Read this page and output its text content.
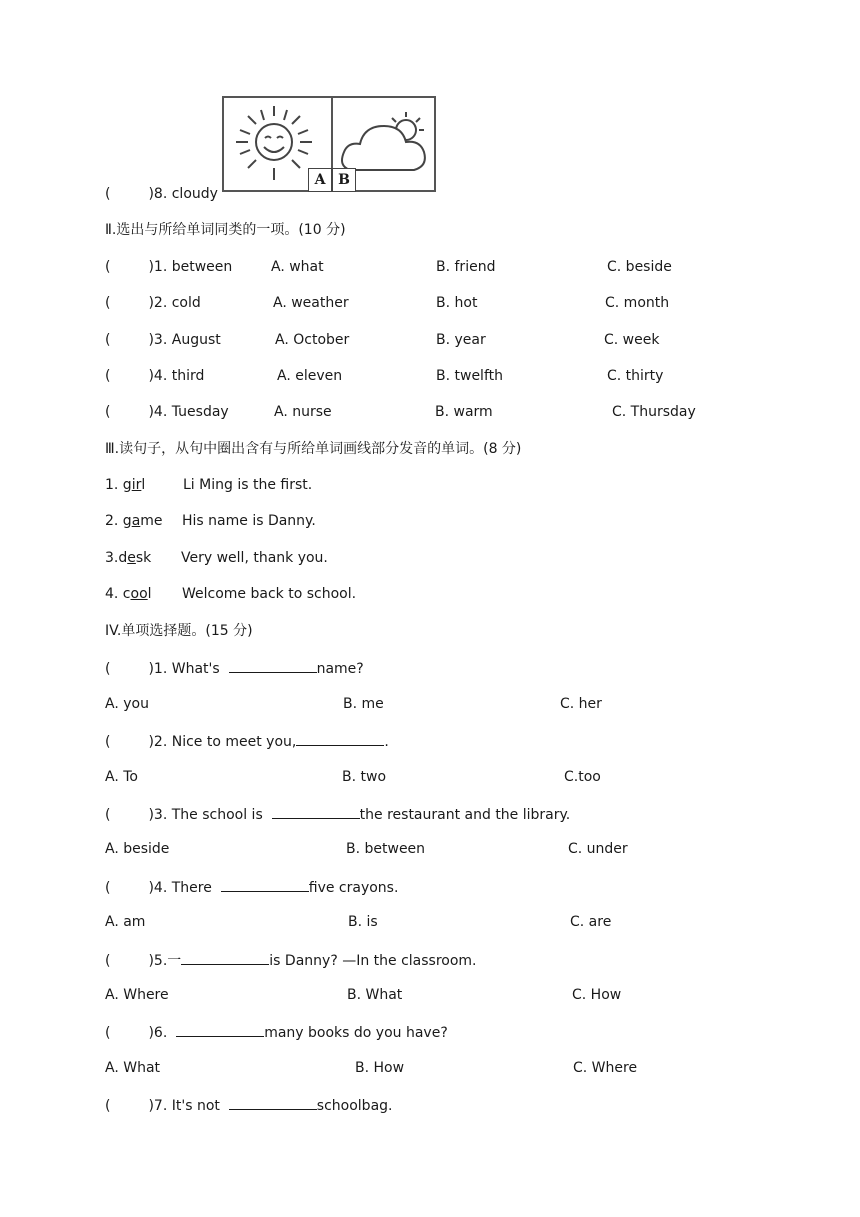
(	)8. cloudy
A B
Ⅱ.选出与所给单词同类的一项。(10 分)
(	)1. between	A. what	B. friend	C. beside
(	)2. cold	A. weather	B. hot	C. month
(	)3. August	A. October	B. year	C. week
(	)4. third	A. eleven	B. twelfth	C. thirty
(	)4. Tuesday	A. nurse	B. warm	C. Thursday
Ⅲ.读句子，从句中圈出含有与所给单词画线部分发音的单词。(8 分)
1. girl	Li Ming is the first.
2. game His name is Danny.
3.desk Very well, thank you.
4. cool Welcome back to school.
IV.单项选择题。(15 分)
(	)1. What's	name?
A. you	B. me	C. her
(	)2. Nice to meet you,	.
A. To	B. two	C.too
(	)3. The school is	the restaurant and the library.
A. beside	B. between	C. under
(	)4. There	five crayons.
A. am	B. is	C. are
(	)5.一	is Danny? —In the classroom.
A. Where	B. What	C. How
(	)6.	many books do you have?
A. What	B. How	C. Where
(	)7. It's not	schoolbag.
